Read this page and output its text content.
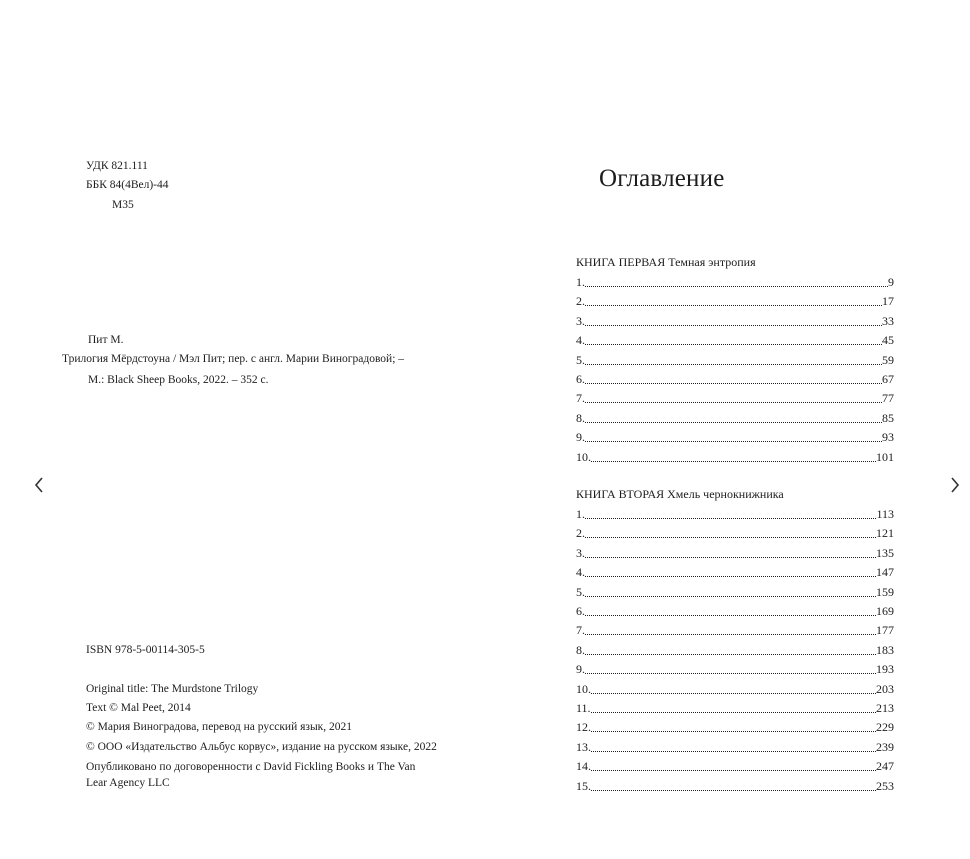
УДК 821.111
ББК 84(4Вел)-44
М35
Пит М.
Трилогия Мёрдстоуна / Мэл Пит; пер. с англ. Марии Виноградовой; –
М.: Black Sheep Books, 2022. – 352 с.
ISBN 978-5-00114-305-5
Original title: The Murdstone Trilogy
Text © Mal Peet, 2014
© Мария Виноградова, перевод на русский язык, 2021
© ООО «Издательство Альбус корвус», издание на русском языке, 2022
Опубликовано по договоренности с David Fickling Books и The Van
Lear Agency LLC
Оглавление
КНИГА ПЕРВАЯ Темная энтропия
1.	9
2.	17
3.	33
4.	45
5.	59
6.	67
7.	77
8.	85
9.	93
10.	101
КНИГА ВТОРАЯ Хмель чернокнижника
1.	113
2.	121
3.	135
4.	147
5.	159
6.	169
7.	177
8.	183
9.	193
10.	203
11.	213
12.	229
13.	239
14.	247
15.	253
